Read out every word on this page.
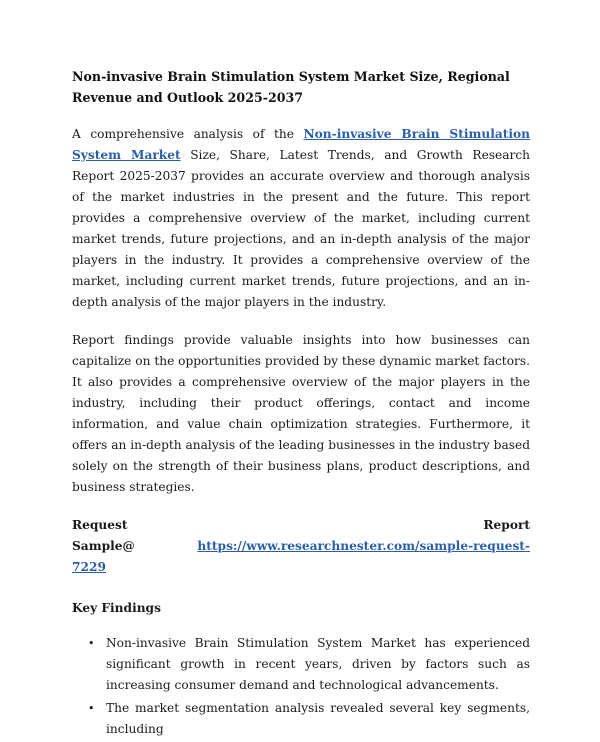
Non-invasive Brain Stimulation System Market Size, Regional Revenue and Outlook 2025-2037

A comprehensive analysis of the Non-invasive Brain Stimulation System Market Size, Share, Latest Trends, and Growth Research Report 2025-2037 provides an accurate overview and thorough analysis of the market industries in the present and the future. This report provides a comprehensive overview of the market, including current market trends, future projections, and an in-depth analysis of the major players in the industry. It provides a comprehensive overview of the market, including current market trends, future projections, and an in-depth analysis of the major players in the industry.

Report findings provide valuable insights into how businesses can capitalize on the opportunities provided by these dynamic market factors. It also provides a comprehensive overview of the major players in the industry, including their product offerings, contact and income information, and value chain optimization strategies. Furthermore, it offers an in-depth analysis of the leading businesses in the industry based solely on the strength of their business plans, product descriptions, and business strategies.

Request Report Sample@	https://www.researchnester.com/sample-request-7229

Key Findings
• Non-invasive Brain Stimulation System Market has experienced significant growth in recent years, driven by factors such as increasing consumer demand and technological advancements.
• The market segmentation analysis revealed several key segments, including
